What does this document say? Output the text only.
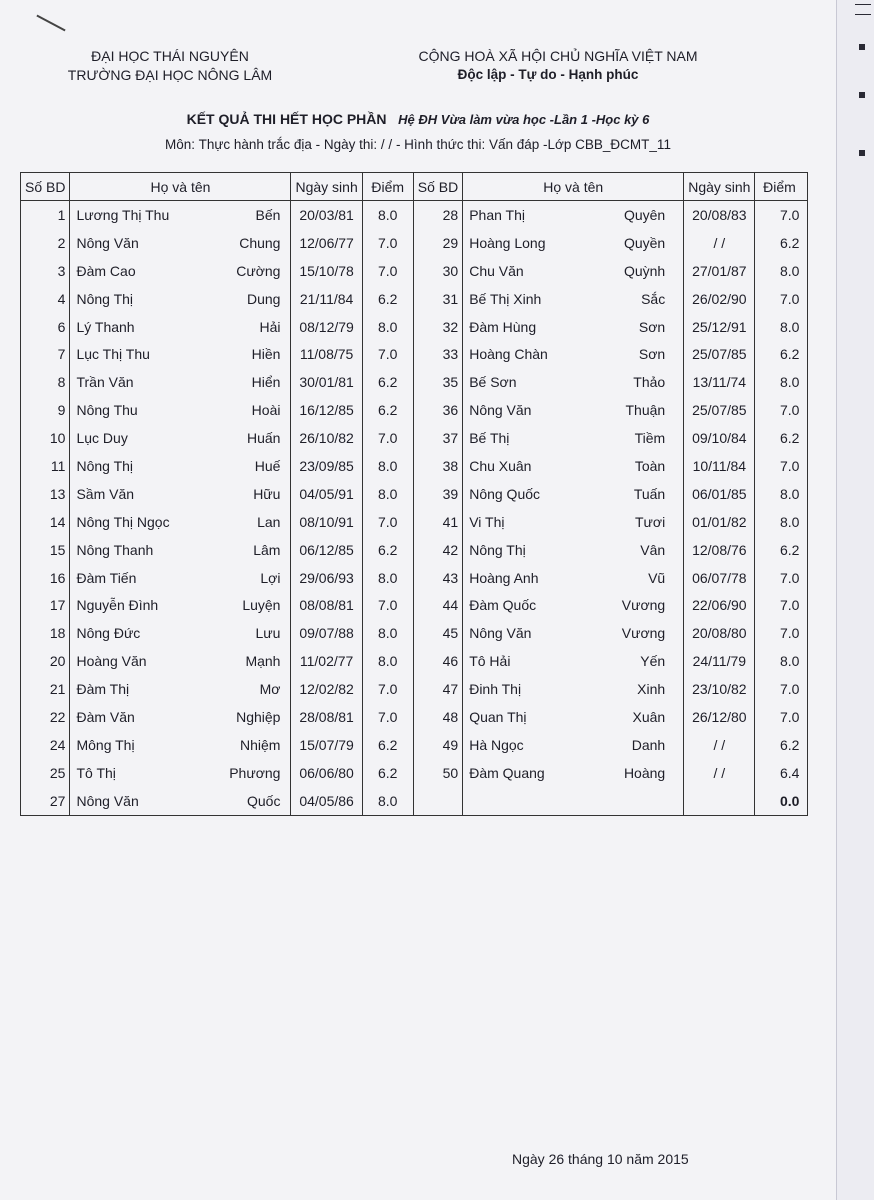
ĐẠI HỌC THÁI NGUYÊN
TRƯỜNG ĐẠI HỌC NÔNG LÂM
CỘNG HOÀ XÃ HỘI CHỦ NGHĨA VIỆT NAM
Độc lập - Tự do - Hạnh phúc
KẾT QUẢ THI HẾT HỌC PHẦN Hệ ĐH Vừa làm vừa học -Lần 1 -Học kỳ 6
Môn: Thực hành trắc địa - Ngày thi: / / - Hình thức thi: Vấn đáp -Lớp CBB_ĐCMT_11
Số BD	Họ và tên		Ngày sinh	Điểm	Số BD	Họ và tên		Ngày sinh	Điểm
1	Lương Thị Thu	Bến	20/03/81	8.0	28	Phan Thị	Quyên	20/08/83	7.0
2	Nông Văn	Chung	12/06/77	7.0	29	Hoàng Long	Quyền	/ /	6.2
3	Đàm Cao	Cường	15/10/78	7.0	30	Chu Văn	Quỳnh	27/01/87	8.0
4	Nông Thị	Dung	21/11/84	6.2	31	Bế Thị Xinh	Sắc	26/02/90	7.0
6	Lý Thanh	Hải	08/12/79	8.0	32	Đàm Hùng	Sơn	25/12/91	8.0
7	Lục Thị Thu	Hiền	11/08/75	7.0	33	Hoàng Chàn	Sơn	25/07/85	6.2
8	Trần Văn	Hiển	30/01/81	6.2	35	Bế Sơn	Thảo	13/11/74	8.0
9	Nông Thu	Hoài	16/12/85	6.2	36	Nông Văn	Thuận	25/07/85	7.0
10	Lục Duy	Huấn	26/10/82	7.0	37	Bế Thị	Tiềm	09/10/84	6.2
11	Nông Thị	Huế	23/09/85	8.0	38	Chu Xuân	Toàn	10/11/84	7.0
13	Sầm Văn	Hữu	04/05/91	8.0	39	Nông Quốc	Tuấn	06/01/85	8.0
14	Nông Thị Ngọc	Lan	08/10/91	7.0	41	Vi Thị	Tươi	01/01/82	8.0
15	Nông Thanh	Lâm	06/12/85	6.2	42	Nông Thị	Vân	12/08/76	6.2
16	Đàm Tiến	Lợi	29/06/93	8.0	43	Hoàng Anh	Vũ	06/07/78	7.0
17	Nguyễn Đình	Luyện	08/08/81	7.0	44	Đàm Quốc	Vương	22/06/90	7.0
18	Nông Đức	Lưu	09/07/88	8.0	45	Nông Văn	Vương	20/08/80	7.0
20	Hoàng Văn	Mạnh	11/02/77	8.0	46	Tô Hải	Yến	24/11/79	8.0
21	Đàm Thị	Mơ	12/02/82	7.0	47	Đinh Thị	Xinh	23/10/82	7.0
22	Đàm Văn	Nghiệp	28/08/81	7.0	48	Quan Thị	Xuân	26/12/80	7.0
24	Mông Thị	Nhiệm	15/07/79	6.2	49	Hà Ngọc	Danh	/ /	6.2
25	Tô Thị	Phương	06/06/80	6.2	50	Đàm Quang	Hoàng	/ /	6.4
27	Nông Văn	Quốc	04/05/86	8.0					0.0
Ngày 26 tháng 10 năm 2015
